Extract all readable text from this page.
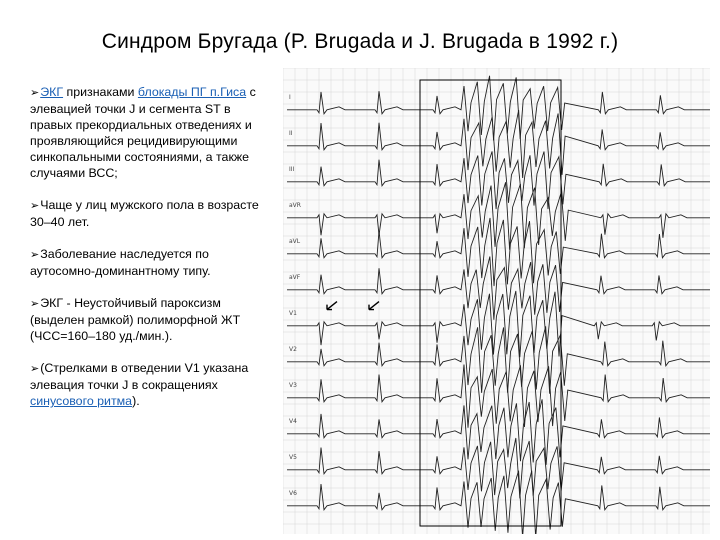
Синдром Бругада (P. Brugada и J. Brugada в 1992 г.)
➢ЭКГ признаками блокады ПГ п.Гиса с элевацией точки J и сегмента ST в правых прекордиальных отведениях и проявляющийся рецидивирующими синкопальными состояниями, а также случаями ВСС;
➢Чаще у лиц мужского пола в возрасте 30–40 лет.
➢Заболевание наследуется по аутосомно-доминантному типу.
➢ЭКГ - Неустойчивый пароксизм (выделен рамкой) полиморфной ЖТ (ЧСС=160–180 уд./мин.).
➢(Стрелками в отведении V1 указана элевация точки J в сокращениях синусового ритма).
I
II
III
aVR
aVL
aVF
V1
V2
V3
V4
V5
V6
